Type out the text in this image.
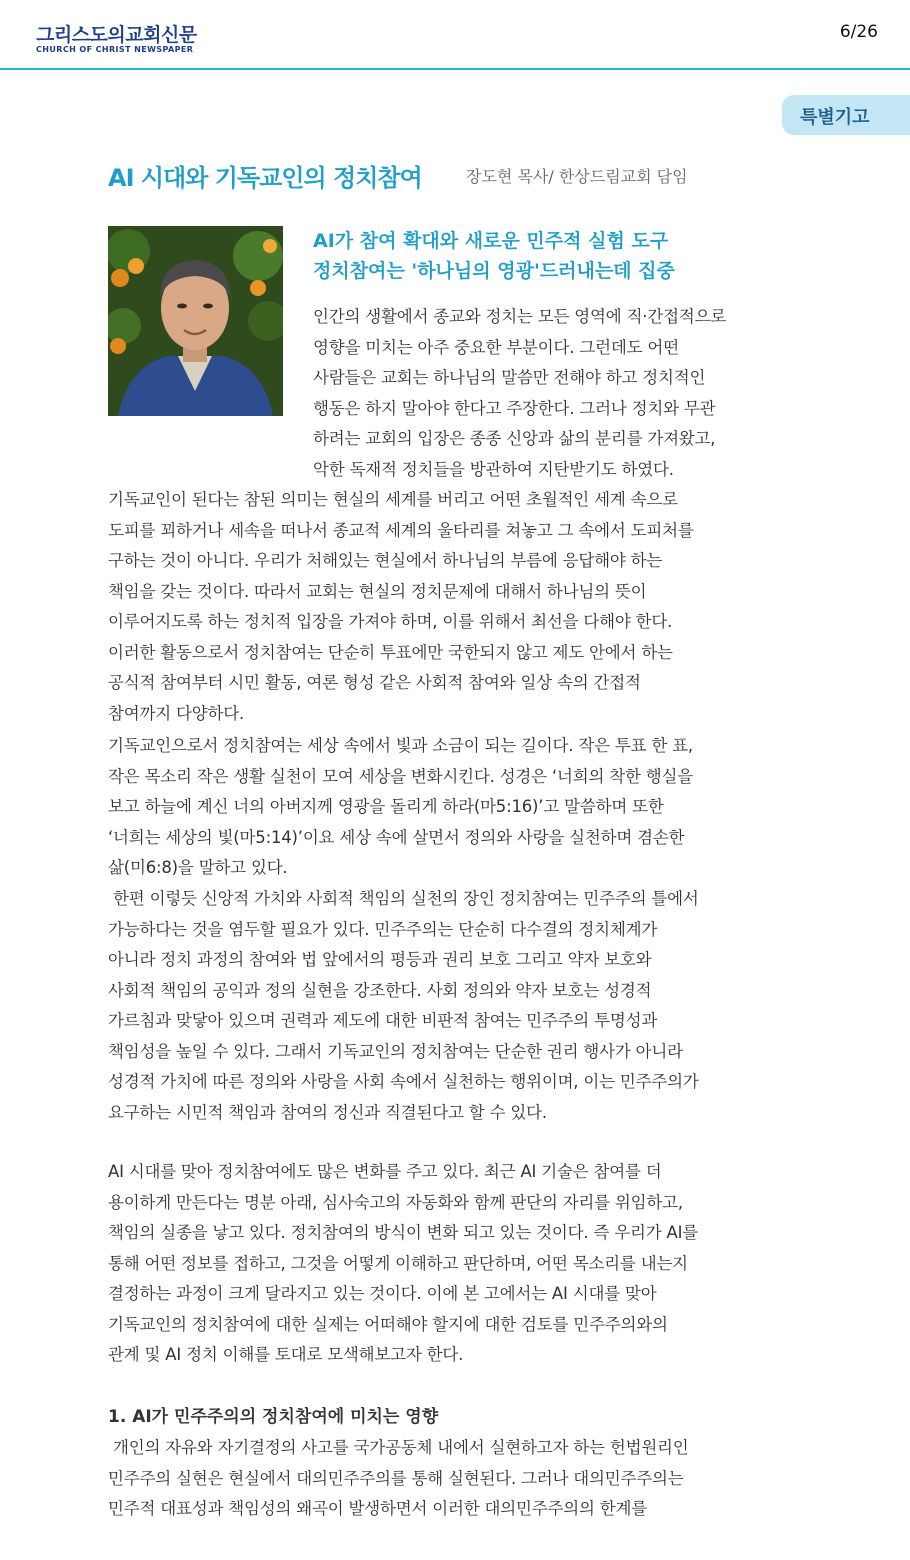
그리스도의교회신문
CHURCH OF CHRIST NEWSPAPER
6/26
특별기고
AI 시대와 기독교인의 정치참여	장도현 목사/ 한상드림교회 담임
AI가 참여 확대와 새로운 민주적 실험 도구
정치참여는 '하나님의 영광'드러내는데 집중

인간의 생활에서 종교와 정치는 모든 영역에 직·간접적으로
영향을 미치는 아주 중요한 부분이다. 그런데도 어떤
사람들은 교회는 하나님의 말씀만 전해야 하고 정치적인
행동은 하지 말아야 한다고 주장한다. 그러나 정치와 무관
하려는 교회의 입장은 종종 신앙과 삶의 분리를 가져왔고,
악한 독재적 정치들을 방관하여 지탄받기도 하였다.

기독교인이 된다는 참된 의미는 현실의 세계를 버리고 어떤 초월적인 세계 속으로
도피를 꾀하거나 세속을 떠나서 종교적 세계의 울타리를 쳐놓고 그 속에서 도피처를
구하는 것이 아니다. 우리가 처해있는 현실에서 하나님의 부름에 응답해야 하는
책임을 갖는 것이다. 따라서 교회는 현실의 정치문제에 대해서 하나님의 뜻이
이루어지도록 하는 정치적 입장을 가져야 하며, 이를 위해서 최선을 다해야 한다.
이러한 활동으로서 정치참여는 단순히 투표에만 국한되지 않고 제도 안에서 하는
공식적 참여부터 시민 활동, 여론 형성 같은 사회적 참여와 일상 속의 간접적
참여까지 다양하다.

기독교인으로서 정치참여는 세상 속에서 빛과 소금이 되는 길이다. 작은 투표 한 표,
작은 목소리 작은 생활 실천이 모여 세상을 변화시킨다. 성경은 ‘너희의 착한 행실을
보고 하늘에 계신 너의 아버지께 영광을 돌리게 하라(마5:16)’고 말씀하며 또한
‘너희는 세상의 빛(마5:14)’이요 세상 속에 살면서 정의와 사랑을 실천하며 겸손한
삶(미6:8)을 말하고 있다.

한편 이렇듯 신앙적 가치와 사회적 책임의 실천의 장인 정치참여는 민주주의 틀에서
가능하다는 것을 염두할 필요가 있다. 민주주의는 단순히 다수결의 정치체계가
아니라 정치 과정의 참여와 법 앞에서의 평등과 권리 보호 그리고 약자 보호와
사회적 책임의 공익과 정의 실현을 강조한다. 사회 정의와 약자 보호는 성경적
가르침과 맞닿아 있으며 권력과 제도에 대한 비판적 참여는 민주주의 투명성과
책임성을 높일 수 있다. 그래서 기독교인의 정치참여는 단순한 권리 행사가 아니라
성경적 가치에 따른 정의와 사랑을 사회 속에서 실천하는 행위이며, 이는 민주주의가
요구하는 시민적 책임과 참여의 정신과 직결된다고 할 수 있다.

AI 시대를 맞아 정치참여에도 많은 변화를 주고 있다. 최근 AI 기술은 참여를 더
용이하게 만든다는 명분 아래, 심사숙고의 자동화와 함께 판단의 자리를 위임하고,
책임의 실종을 낳고 있다. 정치참여의 방식이 변화 되고 있는 것이다. 즉 우리가 AI를
통해 어떤 정보를 접하고, 그것을 어떻게 이해하고 판단하며, 어떤 목소리를 내는지
결정하는 과정이 크게 달라지고 있는 것이다. 이에 본 고에서는 AI 시대를 맞아
기독교인의 정치참여에 대한 실제는 어떠해야 할지에 대한 검토를 민주주의와의
관계 및 AI 정치 이해를 토대로 모색해보고자 한다.

1. AI가 민주주의의 정치참여에 미치는 영향

개인의 자유와 자기결정의 사고를 국가공동체 내에서 실현하고자 하는 헌법원리인
민주주의 실현은 현실에서 대의민주주의를 통해 실현된다. 그러나 대의민주주의는
민주적 대표성과 책임성의 왜곡이 발생하면서 이러한 대의민주주의의 한계를
